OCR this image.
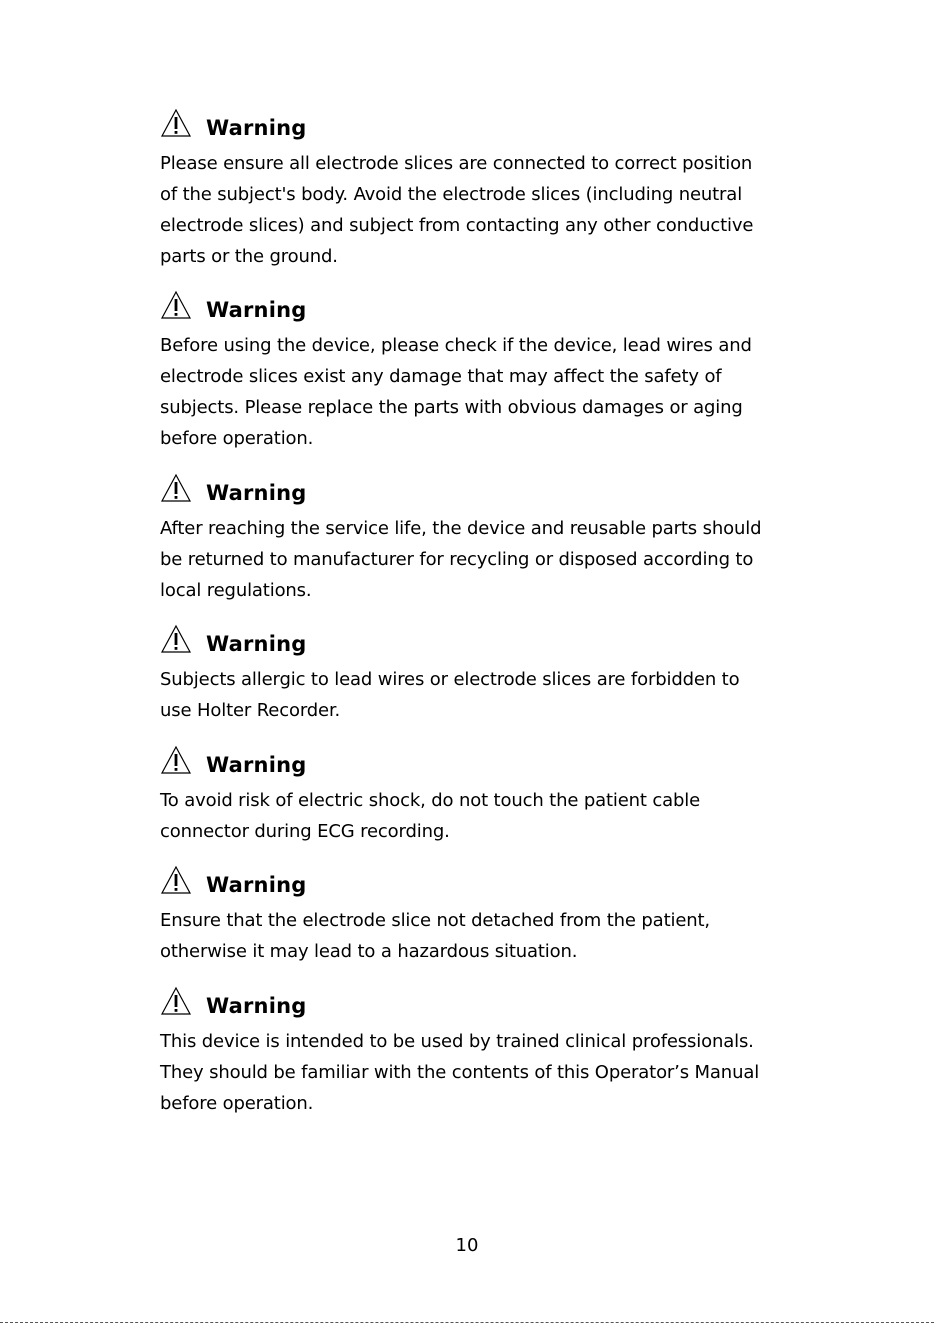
Warning
Please ensure all electrode slices are connected to correct position
of the subject's body. Avoid the electrode slices (including neutral
electrode slices) and subject from contacting any other conductive
parts or the ground.
Warning
Before using the device, please check if the device, lead wires and
electrode slices exist any damage that may affect the safety of
subjects. Please replace the parts with obvious damages or aging
before operation.
Warning
After reaching the service life, the device and reusable parts should
be returned to manufacturer for recycling or disposed according to
local regulations.
Warning
Subjects allergic to lead wires or electrode slices are forbidden to
use Holter Recorder.
Warning
To avoid risk of electric shock, do not touch the patient cable
connector during ECG recording.
Warning
Ensure that the electrode slice not detached from the patient,
otherwise it may lead to a hazardous situation.
Warning
This device is intended to be used by trained clinical professionals.
They should be familiar with the contents of this Operator’s Manual
before operation.
10
